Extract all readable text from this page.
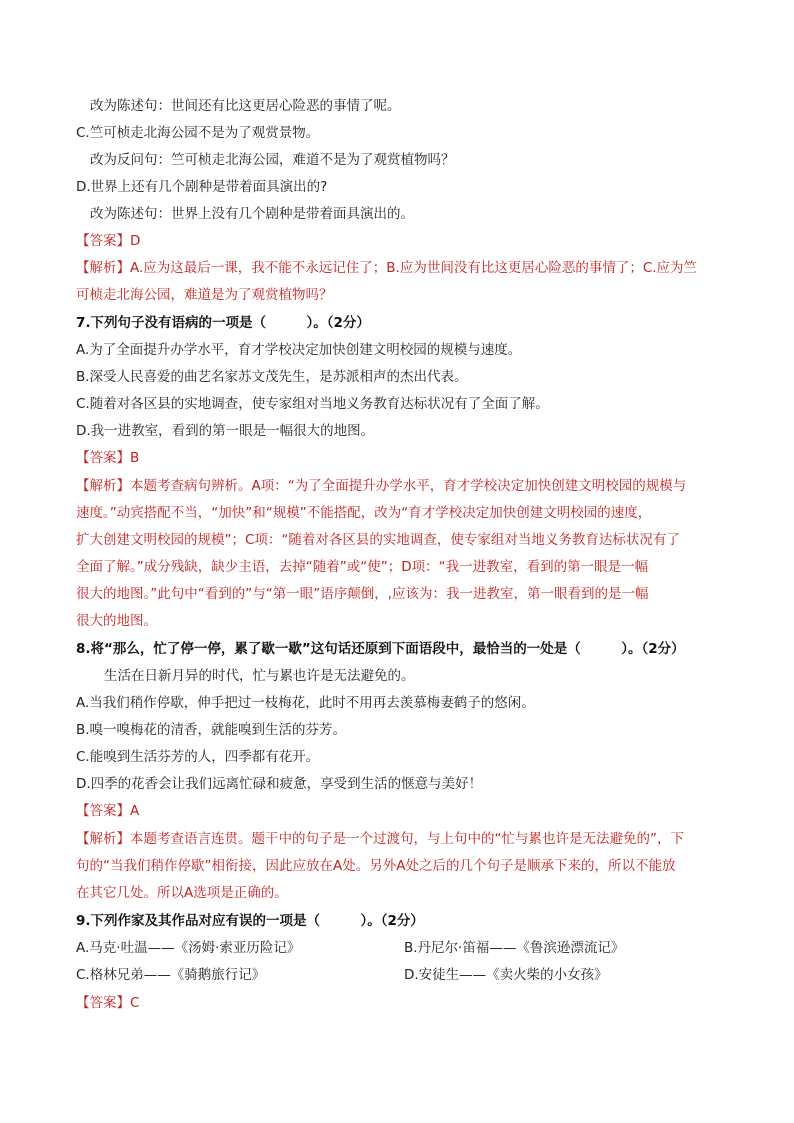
改为陈述句：世间还有比这更居心险恶的事情了呢。
C.竺可桢走北海公园不是为了观赏景物。
改为反问句：竺可桢走北海公园，难道不是为了观赏植物吗？
D.世界上还有几个剧种是带着面具演出的?
改为陈述句：世界上没有几个剧种是带着面具演出的。
【答案】D
【解析】A.应为这最后一课，我不能不永远记住了；B.应为世间没有比这更居心险恶的事情了；C.应为竺
可桢走北海公园，难道是为了观赏植物吗？
7.下列句子没有语病的一项是（　　　）。（2分）
A.为了全面提升办学水平，育才学校决定加快创建文明校园的规模与速度。
B.深受人民喜爱的曲艺名家苏文茂先生，是苏派相声的杰出代表。
C.随着对各区县的实地调查，使专家组对当地义务教育达标状况有了全面了解。
D.我一进教室，看到的第一眼是一幅很大的地图。
【答案】B
【解析】本题考查病句辨析。A项：“为了全面提升办学水平，育才学校决定加快创建文明校园的规模与
速度。”动宾搭配不当，“加快”和“规模”不能搭配，改为“育才学校决定加快创建文明校园的速度，
扩大创建文明校园的规模”；C项：“随着对各区县的实地调查，使专家组对当地义务教育达标状况有了
全面了解。”成分残缺，缺少主语，去掉“随着”或“使”；D项：“我一进教室，看到的第一眼是一幅
很大的地图。”此句中“看到的”与“第一眼”语序颠倒，,应该为：我一进教室，第一眼看到的是一幅
很大的地图。
8.将“那么，忙了停一停，累了歇一歇”这句话还原到下面语段中，最恰当的一处是（　　　）。（2分）
生活在日新月异的时代，忙与累也许是无法避免的。
A.当我们稍作停歇，伸手把过一枝梅花，此时不用再去羡慕梅妻鹤子的悠闲。
B.嗅一嗅梅花的清香，就能嗅到生活的芬芳。
C.能嗅到生活芬芳的人，四季都有花开。
D.四季的花香会让我们远离忙碌和疲惫，享受到生活的惬意与美好！
【答案】A
【解析】本题考查语言连贯。题干中的句子是一个过渡句，与上句中的“忙与累也许是无法避免的”，下
句的“当我们稍作停歇”相衔接，因此应放在A处。另外A处之后的几个句子是顺承下来的，所以不能放
在其它几处。所以A选项是正确的。
9.下列作家及其作品对应有误的一项是（　　　）。（2分）
A.马克·吐温——《汤姆·索亚历险记》	B.丹尼尔·笛福——《鲁滨逊漂流记》
C.格林兄弟——《骑鹅旅行记》	D.安徒生——《卖火柴的小女孩》
【答案】C
